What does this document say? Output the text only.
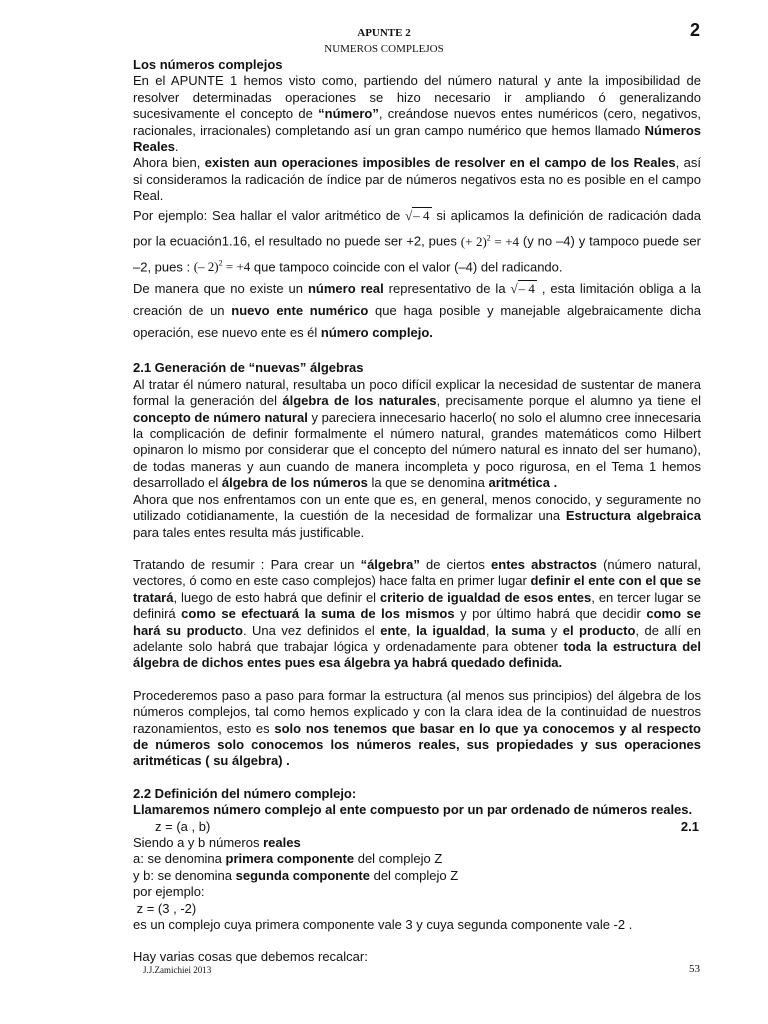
APUNTE 2
NUMEROS COMPLEJOS
2

Los números complejos

En el APUNTE 1 hemos visto como, partiendo del número natural y ante la imposibilidad de resolver determinadas operaciones se hizo necesario ir ampliando ó generalizando sucesivamente el concepto de “número”, creándose nuevos entes numéricos (cero, negativos, racionales, irracionales) completando así un gran campo numérico que hemos llamado Números Reales.

Ahora bien, existen aun operaciones imposibles de resolver en el campo de los Reales, así si consideramos la radicación de índice par de números negativos esta no es posible en el campo Real.

Por ejemplo: Sea hallar el valor aritmético de √– 4 si aplicamos la definición de radicación dada por la ecuación1.16, el resultado no puede ser +2, pues (+ 2)$^2$ = +4 (y no –4) y tampoco puede ser –2, pues : (– 2)$^2$ = +4 que tampoco coincide con el valor (–4) del radicando.

De manera que no existe un número real representativo de la √– 4 , esta limitación obliga a la creación de un nuevo ente numérico que haga posible y manejable algebraicamente dicha operación, ese nuevo ente es él número complejo.

2.1 Generación de “nuevas” álgebras

Al tratar él número natural, resultaba un poco difícil explicar la necesidad de sustentar de manera formal la generación del álgebra de los naturales, precisamente porque el alumno ya tiene el concepto de número natural y pareciera innecesario hacerlo( no solo el alumno cree innecesaria la complicación de definir formalmente el número natural, grandes matemáticos como Hilbert opinaron lo mismo por considerar que el concepto del número natural es innato del ser humano), de todas maneras y aun cuando de manera incompleta y poco rigurosa, en el Tema 1 hemos desarrollado el álgebra de los números la que se denomina aritmética .

Ahora que nos enfrentamos con un ente que es, en general, menos conocido, y seguramente no utilizado cotidianamente, la cuestión de la necesidad de formalizar una Estructura algebraica para tales entes resulta más justificable.

Tratando de resumir : Para crear un “álgebra” de ciertos entes abstractos (número natural, vectores, ó como en este caso complejos) hace falta en primer lugar definir el ente con el que se tratará, luego de esto habrá que definir el criterio de igualdad de esos entes, en tercer lugar se definirá como se efectuará la suma de los mismos y por último habrá que decidir como se hará su producto. Una vez definidos el ente, la igualdad, la suma y el producto, de allí en adelante solo habrá que trabajar lógica y ordenadamente para obtener toda la estructura del álgebra de dichos entes pues esa álgebra ya habrá quedado definida.

Procederemos paso a paso para formar la estructura (al menos sus principios) del álgebra de los números complejos, tal como hemos explicado y con la clara idea de la continuidad de nuestros razonamientos, esto es solo nos tenemos que basar en lo que ya conocemos y al respecto de números solo conocemos los números reales, sus propiedades y sus operaciones aritméticas ( su álgebra) .

2.2 Definición del número complejo:

Llamaremos número complejo al ente compuesto por un par ordenado de números reales.

z = (a , b)	2.1

Siendo a y b números reales

a: se denomina primera componente del complejo Z

y b: se denomina segunda componente del complejo Z

por ejemplo:

z = (3 , -2)

es un complejo cuya primera componente vale 3 y cuya segunda componente vale -2 .

Hay varias cosas que debemos recalcar:

J.J.Zamichiei 2013	53
